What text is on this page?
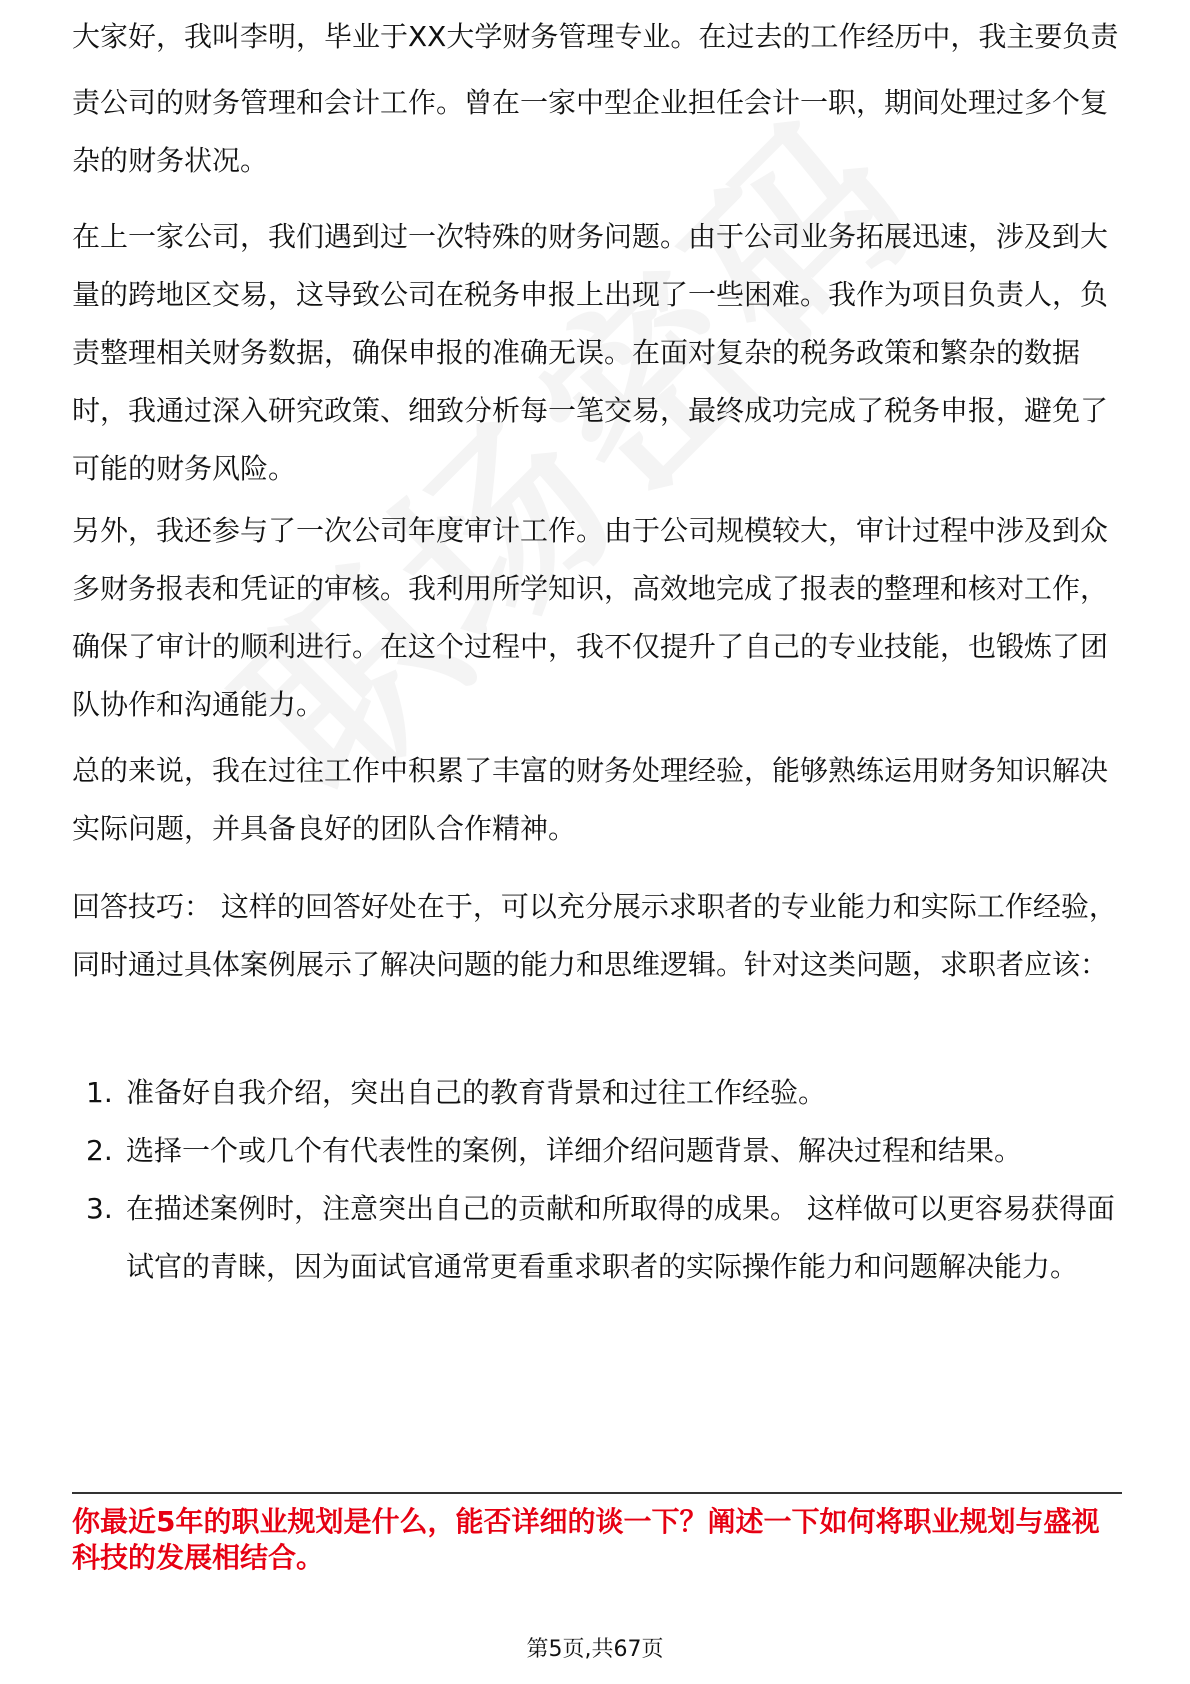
大家好，我叫李明，毕业于XX大学财务管理专业。在过去的工作经历中，我主要负责

责公司的财务管理和会计工作。曾在一家中型企业担任会计一职，期间处理过多个复杂的财务状况。

在上一家公司，我们遇到过一次特殊的财务问题。由于公司业务拓展迅速，涉及到大量的跨地区交易，这导致公司在税务申报上出现了一些困难。我作为项目负责人，负责整理相关财务数据，确保申报的准确无误。在面对复杂的税务政策和繁杂的数据时，我通过深入研究政策、细致分析每一笔交易，最终成功完成了税务申报，避免了可能的财务风险。

另外，我还参与了一次公司年度审计工作。由于公司规模较大，审计过程中涉及到众多财务报表和凭证的审核。我利用所学知识，高效地完成了报表的整理和核对工作，确保了审计的顺利进行。在这个过程中，我不仅提升了自己的专业技能，也锻炼了团队协作和沟通能力。

总的来说，我在过往工作中积累了丰富的财务处理经验，能够熟练运用财务知识解决实际问题，并具备良好的团队合作精神。

回答技巧： 这样的回答好处在于，可以充分展示求职者的专业能力和实际工作经验，同时通过具体案例展示了解决问题的能力和思维逻辑。针对这类问题，求职者应该：

1. 准备好自我介绍，突出自己的教育背景和过往工作经验。
2. 选择一个或几个有代表性的案例，详细介绍问题背景、解决过程和结果。
3. 在描述案例时，注意突出自己的贡献和所取得的成果。 这样做可以更容易获得面试官的青睐，因为面试官通常更看重求职者的实际操作能力和问题解决能力。

你最近5年的职业规划是什么，能否详细的谈一下？阐述一下如何将职业规划与盛视科技的发展相结合。

第5页,共67页
